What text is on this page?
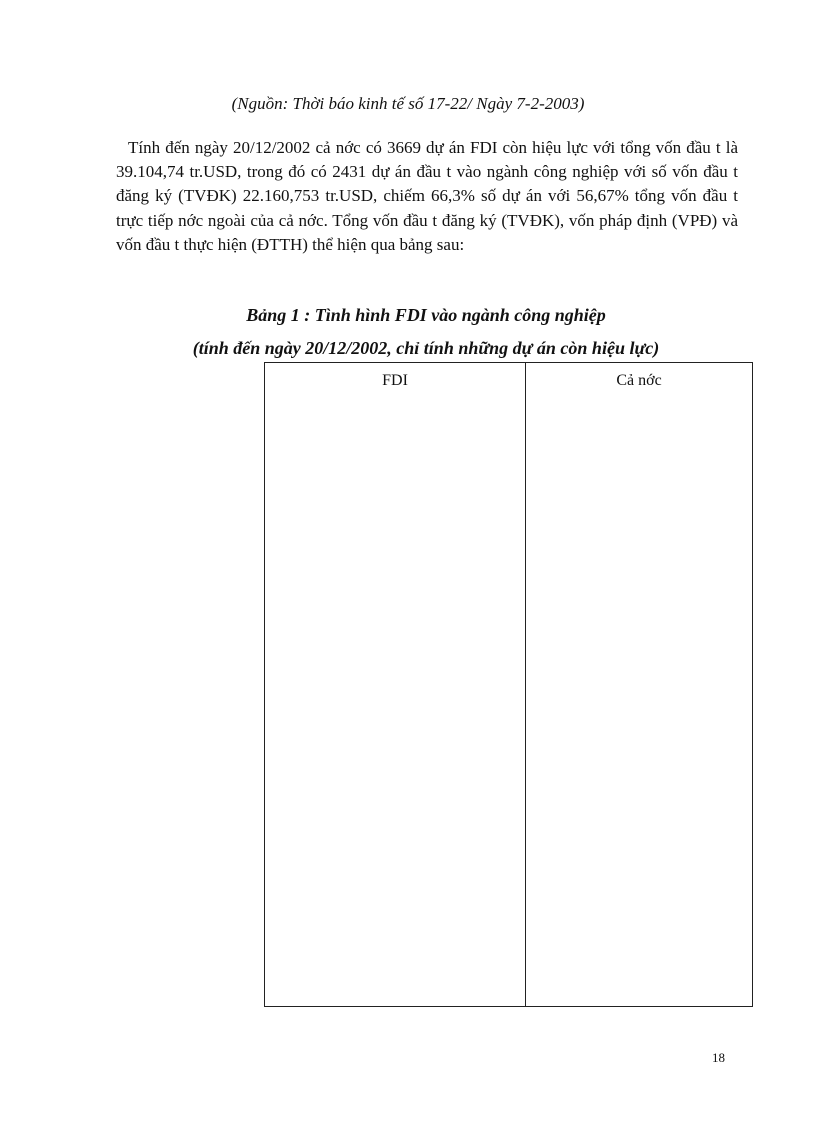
(Nguồn: Thời báo kinh tế số 17-22/ Ngày 7-2-2003)

Tính đến ngày 20/12/2002 cả nớc có 3669 dự án FDI còn hiệu lực với tổng vốn đầu t là 39.104,74 tr.USD, trong đó có 2431 dự án đầu t vào ngành công nghiệp với số vốn đầu t đăng ký (TVĐK) 22.160,753 tr.USD, chiếm 66,3% số dự án với 56,67% tổng vốn đầu t trực tiếp nớc ngoài của cả nớc. Tổng vốn đầu t đăng ký (TVĐK), vốn pháp định (VPĐ) và vốn đầu t thực hiện (ĐTTH) thể hiện qua bảng sau:

Bảng 1 : Tình hình FDI vào ngành công nghiệp

(tính đến ngày 20/12/2002, chỉ tính những dự án còn hiệu lực)

FDI	Cả nớc

18
